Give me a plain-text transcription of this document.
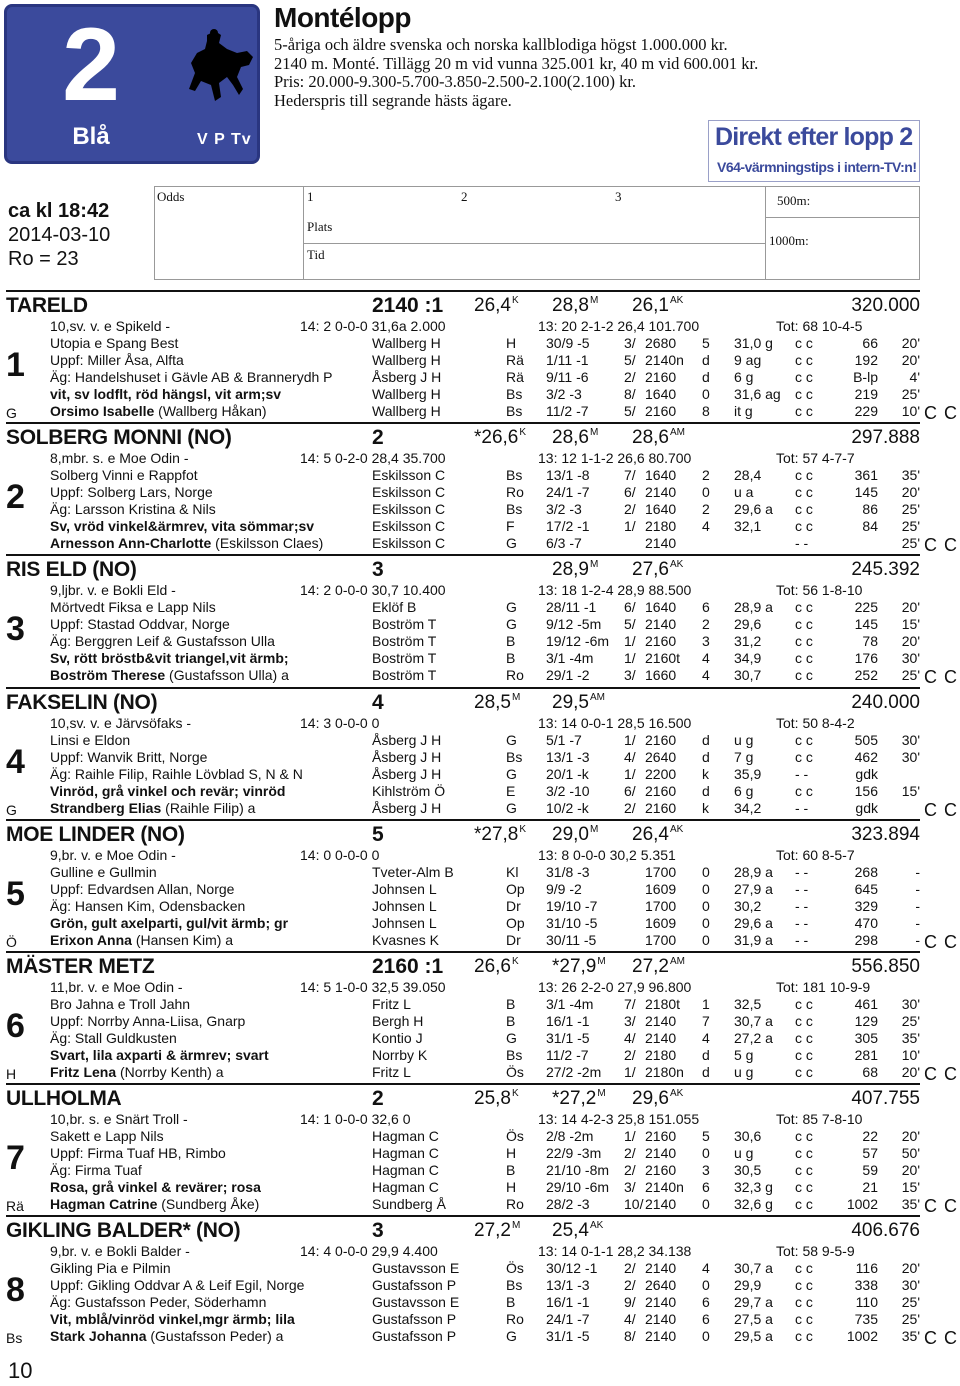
2
Blå	V P Tv
Montélopp
5-åriga och äldre svenska och norska kallblodiga högst 1.000.000 kr.
2140 m. Monté. Tillägg 20 m vid vunna 325.001 kr, 40 m vid 600.001 kr.
Pris: 20.000-9.300-5.700-3.850-2.500-2.100(2.100) kr.
Hederspris till segrande hästs ägare.
Direkt efter lopp 2
V64-värmningstips i intern-TV:n!
ca kl 18:42
2014-03-10
Ro = 23
Odds	1	2	3
Plats
Tid
500m:
1000m:
TARELD	2140 :1 $26,4^K$ $28,8^M$ $26,1^{AK}$	320.000
1
G	C C
10,sv. v. e Spikeld -	14: 2 0-0-0 31,6a 2.000	13: 20 2-1-2 26,4 101.700	Tot: 68 10-4-5
Utopia e Spang Best	Wallberg H	H 30/9 -5 3/ 2680 5 31,0 g c c	66 20'
Uppf: Miller Åsa, Alfta	Wallberg H	Rä 1/11 -1	5/ 2140n d 9 ag c c	192 20'
Äg: Handelshuset i Gävle AB & Brannerydh P	Åsberg J H	Rä 9/11 -6	2/ 2160 d 6 g	c c	B-lp 4'
vit, sv lodflt, röd hängsl, vit arm;sv	Wallberg H	Bs 3/2 -3	8/ 1640 0 31,6 ag c c	219 25'
Orsimo Isabelle (Wallberg Håkan)	Wallberg H	Bs 11/2 -7	5/ 2160 8 it g	c c	229 10'
SOLBERG MONNI (NO)	2	$*26,6^K$ $28,6^M$ $28,6^{AM}$	297.888
2
C C
8,mbr. s. e Moe Odin -	14: 5 0-2-0 28,4 35.700	13: 12 1-1-2 26,6 80.700	Tot: 57 4-7-7
Solberg Vinni e Rappfot	Eskilsson C	Bs 13/1 -8 7/ 1640 2 28,4 c c	361 35'
Uppf: Solberg Lars, Norge	Eskilsson C	Ro 24/1 -7 6/ 2140 0 u a	c c	145 20'
Äg: Larsson Kristina & Nils	Eskilsson C	Bs 3/2 -3	2/ 1640 2 29,6 a c c	86 25'
Sv, vröd vinkel&ärmrev, vita sömmar;sv	Eskilsson C	F 17/2 -1 1/ 2180 4 32,1 c c	84 25'
Arnesson Ann-Charlotte (Eskilsson Claes)	Eskilsson C	G 6/3 -7	2140	- -	25'
RIS ELD (NO)	3	$28,9^M$ $27,6^{AK}$	245.392
3
C C
9,ljbr. v. e Bokli Eld -	14: 2 0-0-0 30,7 10.400	13: 18 1-2-4 28,9 88.500	Tot: 56 1-8-10
Mörtvedt Fiksa e Lapp Nils	Eklöf B	G 28/11 -1 6/ 1640 6 28,9 a c c	225 20'
Uppf: Stastad Oddvar, Norge	Boström T	G 9/12 -5m 5/ 2140 2 29,6 c c	145 15'
Äg: Berggren Leif & Gustafsson Ulla	Boström T	B 19/12 -6m 1/ 2160 3 31,2 c c	78 20'
Sv, rött bröstb&vit triangel,vit ärmb;	Boström T	B 3/1 -4m 1/ 2160t 4 34,9 c c	176 30'
Boström Therese (Gustafsson Ulla) a	Boström T	Ro 29/1 -2 3/ 1660 4 30,7 c c	252 25'
FAKSELIN (NO)	4	$28,5^M$ $29,5^{AM}$	240.000
4
G	C C
10,sv. v. e Järvsöfaks -	14: 3 0-0-0 0	13: 14 0-0-1 28,5 16.500	Tot: 50 8-4-2
Linsi e Eldon	Åsberg J H	G 5/1 -7	1/ 2160 d u g	c c	505 30'
Uppf: Wanvik Britt, Norge	Åsberg J H	Bs 13/1 -3 4/ 2640 d 7 g	c c	462 30'
Äg: Raihle Filip, Raihle Lövblad S, N & N	Åsberg J H	G 20/1 -k	1/ 2200 k 35,9 - -	gdk
Vinröd, grå vinkel och revär; vinröd	Kihlström Ö	E 3/2 -10 6/ 2160 d 6 g	c c	156 15'
Strandberg Elias (Raihle Filip) a	Åsberg J H	G 10/2 -k	2/ 2160 k 34,2 - -	gdk
MOE LINDER (NO)	5	$*27,8^K$ $29,0^M$ $26,4^{AK}$	323.894
5
Ö	C C
9,br. v. e Moe Odin -	14: 0 0-0-0 0	13: 8 0-0-0 30,2 5.351	Tot: 60 8-5-7
Gulline e Gullmin	Tveter-Alm B	Kl 31/8 -3	1700 0 28,9 a - -	268	-
Uppf: Edvardsen Allan, Norge	Johnsen L	Op 9/9 -2	1609 0 27,9 a - -	645	-
Äg: Hansen Kim, Odensbacken	Johnsen L	Dr 19/10 -7	1700 0 30,2 - -	329	-
Grön, gult axelparti, gul/vit ärmb; gr	Johnsen L	Op 31/10 -5	1609 0 29,6 a - -	470	-
Erixon Anna (Hansen Kim) a	Kvasnes K	Dr 30/11 -5	1700 0 31,9 a - -	298	-
MÄSTER METZ	2160 :1 $26,6^K$ $*27,9^M$ $27,2^{AM}$	556.850
6
H	C C
11,br. v. e Moe Odin -	14: 5 1-0-0 32,5 39.050	13: 26 2-2-0 27,9 96.800	Tot: 181 10-9-9
Bro Jahna e Troll Jahn	Fritz L	B 3/1 -4m 7/ 2180t 1 32,5 c c	461 30'
Uppf: Norrby Anna-Liisa, Gnarp	Bergh H	B 16/1 -1 3/ 2140 7 30,7 a c c	129 25'
Äg: Stall Guldkusten	Kontio J	G 31/1 -5 4/ 2140 4 27,2 a c c	305 35'
Svart, lila axparti & ärmrev; svart	Norrby K	Bs 11/2 -7	2/ 2180 d 5 g	c c	281 10'
Fritz Lena (Norrby Kenth) a	Fritz L	Ös 27/2 -2m 1/ 2180n d u g	c c	68 20'
ULLHOLMA	2	$25,8^K$ $*27,2^M$ $29,6^{AK}$	407.755
7
Rä	C C
10,br. s. e Snärt Troll -	14: 1 0-0-0 32,6 0	13: 14 4-2-3 25,8 151.055	Tot: 85 7-8-10
Sakett e Lapp Nils	Hagman C	Ös 2/8 -2m 1/ 2160 5 30,6 c c	22 20'
Uppf: Firma Tuaf HB, Rimbo	Hagman C	H 22/9 -3m 2/ 2140 0 u g	c c	57 50'
Äg: Firma Tuaf	Hagman C	B 21/10 -8m 2/ 2160 3 30,5 c c	59 20'
Rosa, grå vinkel & revärer; rosa	Hagman C	H 29/10 -6m 3/ 2140n 6 32,3 g c c	21 15'
Hagman Catrine (Sundberg Åke)	Sundberg Å	Ro 28/2 -3 10/ 2140 0 32,6 g c c 1002 35'
GIKLING BALDER* (NO)	3	$27,2^M$ $25,4^{AK}$	406.676
8
Bs	C C
9,br. v. e Bokli Balder -	14: 4 0-0-0 29,9 4.400	13: 14 0-1-1 28,2 34.138	Tot: 58 9-5-9
Gikling Pia e Pilmin	Gustavsson E	Ös 30/12 -1 2/ 2140 4 30,7 a c c	116 20'
Uppf: Gikling Oddvar A & Leif Egil, Norge	Gustafsson P	Bs 13/1 -3 2/ 2640 0 29,9 c c	338 30'
Äg: Gustafsson Peder, Söderhamn	Gustavsson E	B 16/1 -1 9/ 2140 6 29,7 a c c	110 25'
Vit, mblå/vinröd vinkel,mgr ärmb; lila	Gustafsson P	Ro 24/1 -7 4/ 2140 6 27,5 a c c	735 25'
Stark Johanna (Gustafsson Peder) a	Gustafsson P	G 31/1 -5 8/ 2140 0 29,5 a c c 1002 35'
10
